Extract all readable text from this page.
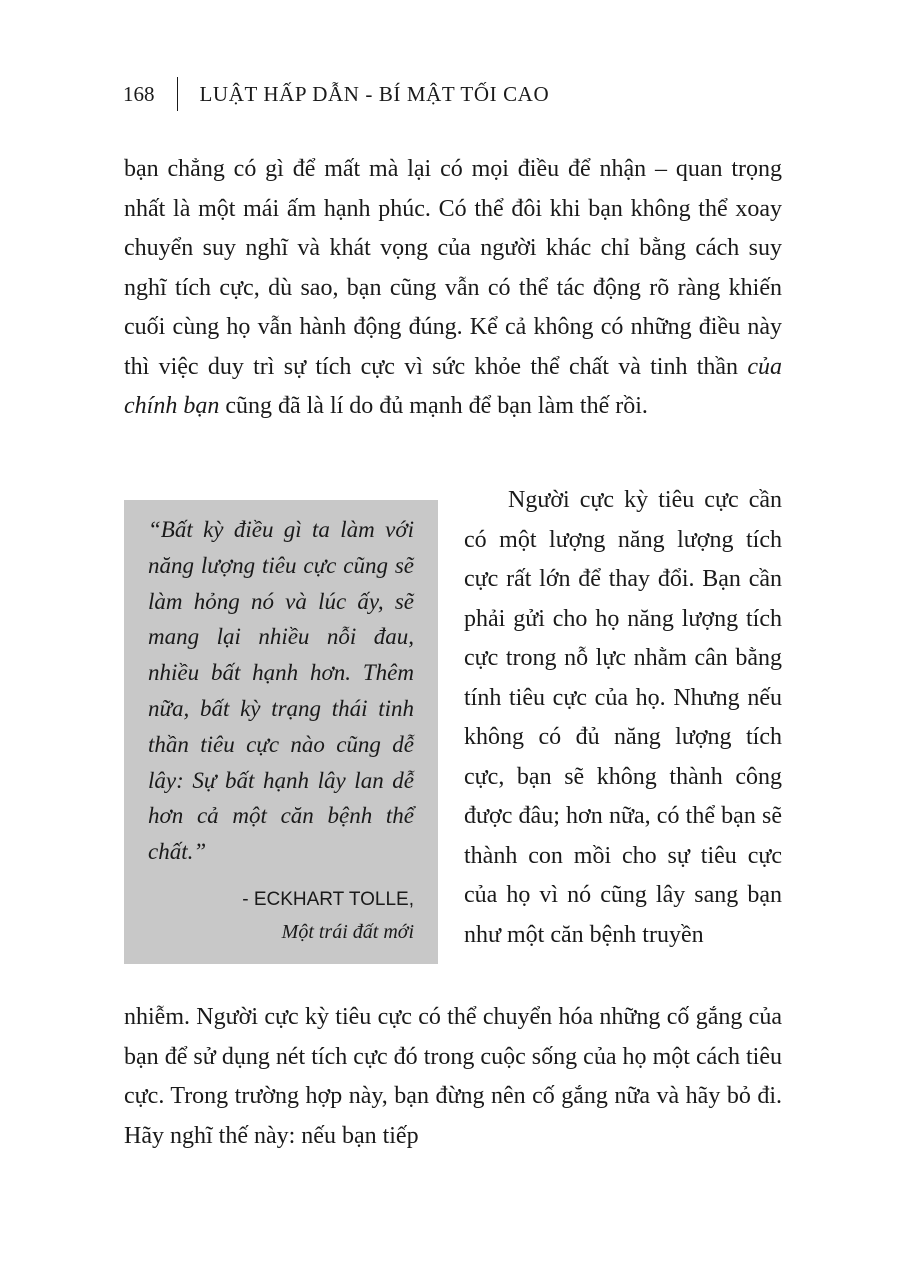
168 LUẬT HẤP DẪN - BÍ MẬT TỐI CAO

bạn chẳng có gì để mất mà lại có mọi điều để nhận – quan trọng nhất là một mái ấm hạnh phúc. Có thể đôi khi bạn không thể xoay chuyển suy nghĩ và khát vọng của người khác chỉ bằng cách suy nghĩ tích cực, dù sao, bạn cũng vẫn có thể tác động rõ ràng khiến cuối cùng họ vẫn hành động đúng. Kể cả không có những điều này thì việc duy trì sự tích cực vì sức khỏe thể chất và tinh thần của chính bạn cũng đã là lí do đủ mạnh để bạn làm thế rồi.

“Bất kỳ điều gì ta làm với năng lượng tiêu cực cũng sẽ làm hỏng nó và lúc ấy, sẽ mang lại nhiều nỗi đau, nhiều bất hạnh hơn. Thêm nữa, bất kỳ trạng thái tinh thần tiêu cực nào cũng dễ lây: Sự bất hạnh lây lan dễ hơn cả một căn bệnh thể chất.”

- ECKHART TOLLE,

Một trái đất mới

Người cực kỳ tiêu cực cần có một lượng năng lượng tích cực rất lớn để thay đổi. Bạn cần phải gửi cho họ năng lượng tích cực trong nỗ lực nhằm cân bằng tính tiêu cực của họ. Nhưng nếu không có đủ năng lượng tích cực, bạn sẽ không thành công được đâu; hơn nữa, có thể bạn sẽ thành con mồi cho sự tiêu cực của họ vì nó cũng lây sang bạn như một căn bệnh truyền

nhiễm. Người cực kỳ tiêu cực có thể chuyển hóa những cố gắng của bạn để sử dụng nét tích cực đó trong cuộc sống của họ một cách tiêu cực. Trong trường hợp này, bạn đừng nên cố gắng nữa và hãy bỏ đi. Hãy nghĩ thế này: nếu bạn tiếp
